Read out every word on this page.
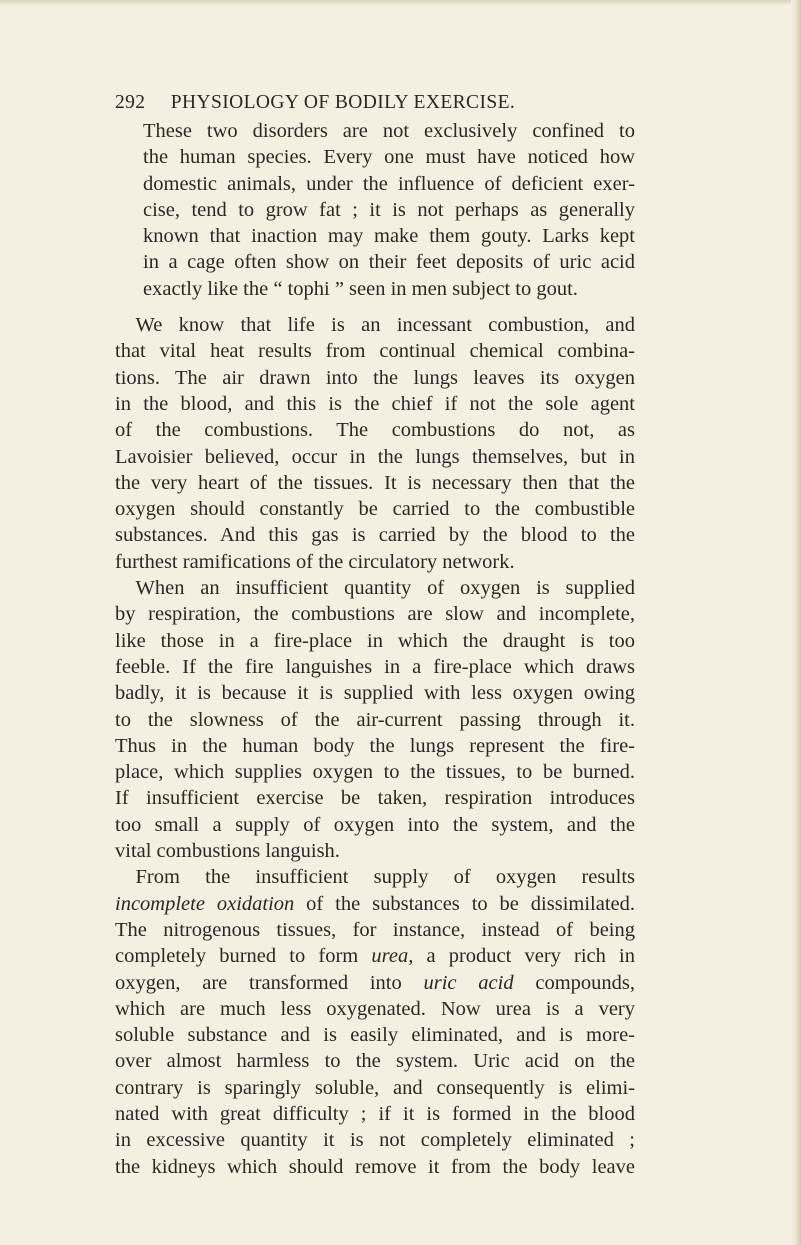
292 PHYSIOLOGY OF BODILY EXERCISE.

These two disorders are not exclusively confined to
the human species. Every one must have noticed how
domestic animals, under the influence of deficient exer-
cise, tend to grow fat ; it is not perhaps as generally
known that inaction may make them gouty. Larks kept
in a cage often show on their feet deposits of uric acid
exactly like the “ tophi ” seen in men subject to gout.

 We know that life is an incessant combustion, and
that vital heat results from continual chemical combina-
tions. The air drawn into the lungs leaves its oxygen
in the blood, and this is the chief if not the sole agent
of the combustions. The combustions do not, as
Lavoisier believed, occur in the lungs themselves, but in
the very heart of the tissues. It is necessary then that the
oxygen should constantly be carried to the combustible
substances. And this gas is carried by the blood to the
furthest ramifications of the circulatory network.

 When an insufficient quantity of oxygen is supplied
by respiration, the combustions are slow and incomplete,
like those in a fire-place in which the draught is too
feeble. If the fire languishes in a fire-place which draws
badly, it is because it is supplied with less oxygen owing
to the slowness of the air-current passing through it.
Thus in the human body the lungs represent the fire-
place, which supplies oxygen to the tissues, to be burned.
If insufficient exercise be taken, respiration introduces
too small a supply of oxygen into the system, and the
vital combustions languish.

 From the insufficient supply of oxygen results
incomplete oxidation of the substances to be dissimilated.
The nitrogenous tissues, for instance, instead of being
completely burned to form urea, a product very rich in
oxygen, are transformed into uric acid compounds,
which are much less oxygenated. Now urea is a very
soluble substance and is easily eliminated, and is more-
over almost harmless to the system. Uric acid on the
contrary is sparingly soluble, and consequently is elimi-
nated with great difficulty ; if it is formed in the blood
in excessive quantity it is not completely eliminated ;
the kidneys which should remove it from the body leave
